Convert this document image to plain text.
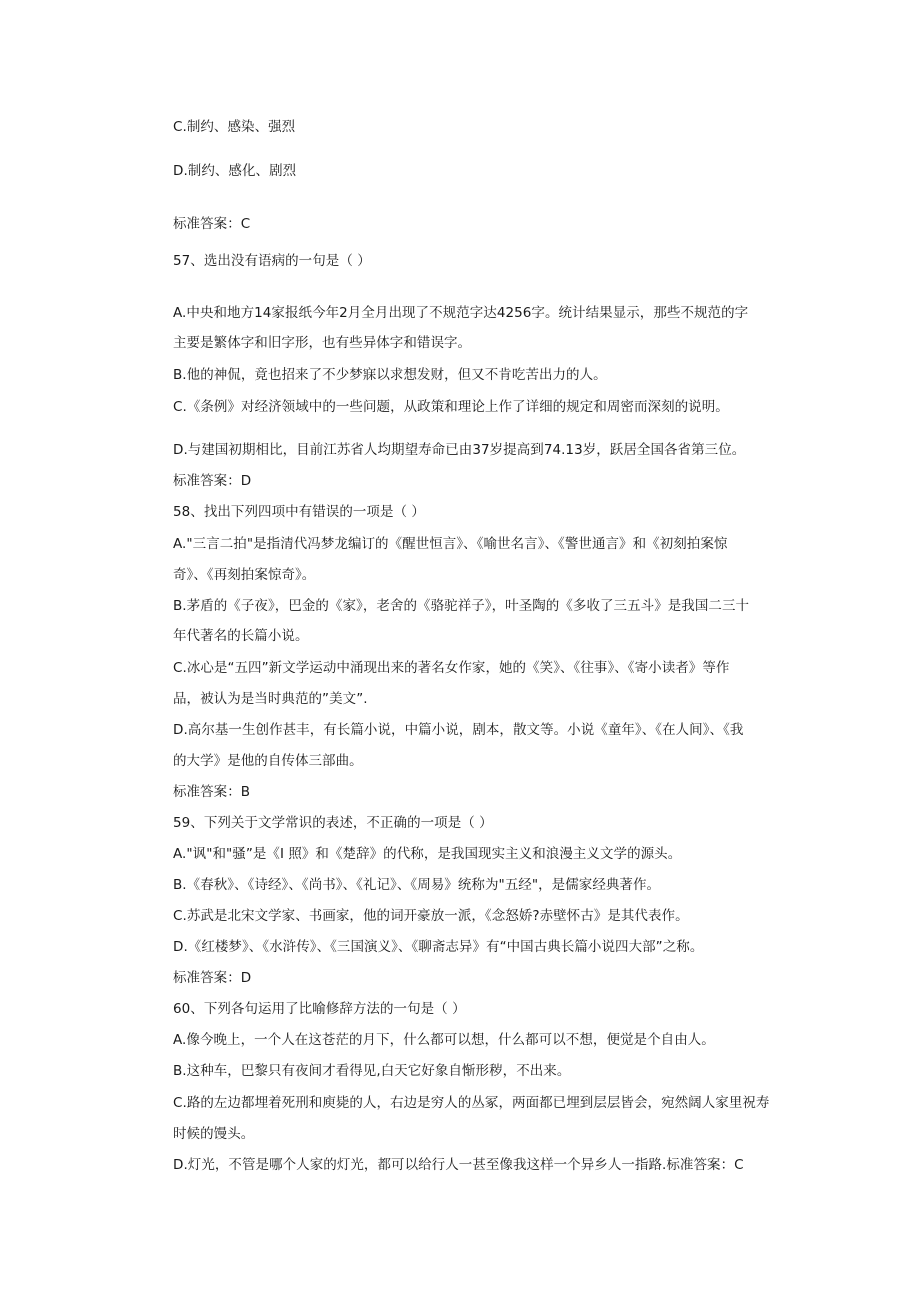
C.制约、感染、强烈
D.制约、感化、剧烈
标准答案：C
57、选出没有语病的一句是（ ）
A.中央和地方14家报纸今年2月全月出现了不规范字达4256字。统计结果显示，那些不规范的字
主要是繁体字和旧字形，也有些异体字和错误字。
B.他的神侃，竟也招来了不少梦寐以求想发财，但又不肯吃苦出力的人。
C.《条例》对经济领域中的一些问题，从政策和理论上作了详细的规定和周密而深刻的说明。
D.与建国初期相比，目前江苏省人均期望寿命已由37岁提高到74.13岁，跃居全国各省第三位。
标准答案：D
58、找出下列四项中有错误的一项是（ ）
A."三言二拍"是指清代冯梦龙编订的《醒世恒言》、《喻世名言》、《警世通言》和《初刻拍案惊
奇》、《再刻拍案惊奇》。
B.茅盾的《子夜》，巴金的《家》，老舍的《骆驼祥子》，叶圣陶的《多收了三五斗》是我国二三十
年代著名的长篇小说。
C.冰心是“五四”新文学运动中涌现出来的著名女作家，她的《笑》、《往事》、《寄小读者》等作
品，被认为是当时典范的”美文”.
D.高尔基一生创作甚丰，有长篇小说，中篇小说，剧本，散文等。小说《童年》、《在人间》、《我
的大学》是他的自传体三部曲。
标准答案：B
59、下列关于文学常识的表述，不正确的一项是（ ）
A."讽"和"骚”是《I 照》和《楚辞》的代称，是我国现实主义和浪漫主义文学的源头。
B.《春秋》、《诗经》、《尚书》、《礼记》、《周易》统称为"五经"，是儒家经典著作。
C.苏武是北宋文学家、书画家，他的词开豪放一派，《念怒娇?赤壁怀古》是其代表作。
D.《红楼梦》、《水浒传》、《三国演义》、《聊斋志异》有“中国古典长篇小说四大部”之称。
标准答案：D
60、下列各句运用了比喻修辞方法的一句是（ ）
A.像今晚上，一个人在这苍茫的月下，什么都可以想，什么都可以不想，便觉是个自由人。
B.这种车，巴黎只有夜间才看得见,白天它好象自惭形秽，不出来。
C.路的左边都埋着死刑和庾毙的人，右边是穷人的丛冢，两面都已埋到层层皆会，宛然阔人家里祝寿
时候的馒头。
D.灯光，不管是哪个人家的灯光，都可以给行人一甚至像我这样一个异乡人一指路.标准答案：C
